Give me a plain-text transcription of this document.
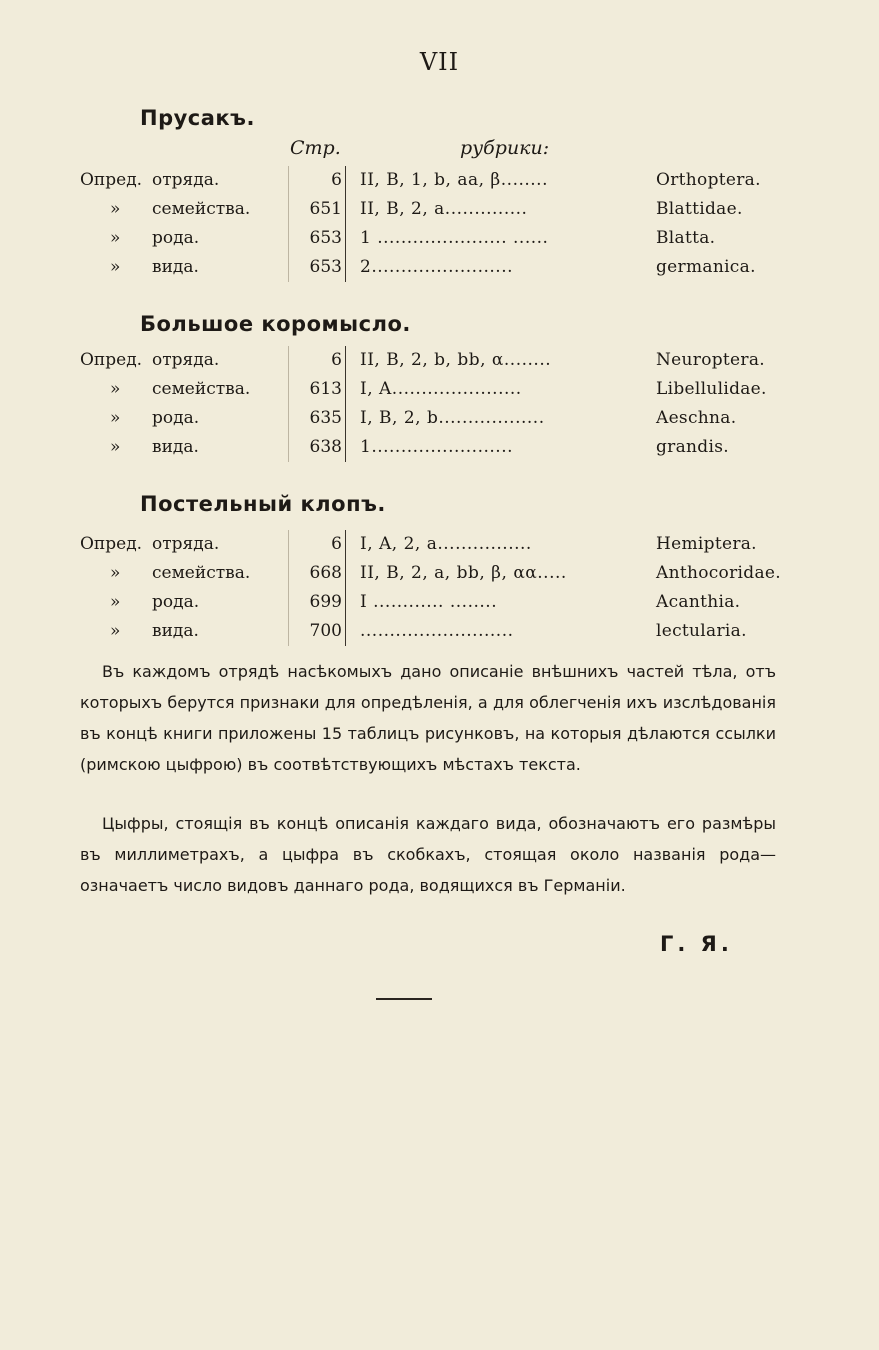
VII
Прусакъ.
Стр.	рубрики:
Опред. отряда.	6 II, B, 1, b, aa, β........	Orthoptera.
»	семейства.	651 II, B, 2, a..............	Blattidae.
»	рода.	653 1 ...................... ......	Blatta.
»	вида.	653 2........................	germanica.
Большое коромысло.
Опред. отряда.	6 II, B, 2, b, bb, α........	Neuroptera.
»	семейства.	613 I, A......................	Libellulidae.
»	рода.	635 I, B, 2, b..................	Aeschna.
»	вида.	638 1........................	grandis.
Постельный клопъ.
Опред. отряда.	6 I, A, 2, a................	Hemiptera.
»	семейства.	668 II, B, 2, a, bb, β, αα.....	Anthocoridae.
»	рода.	699 I ............ ........	Acanthia.
»	вида.	700 ..........................	lectularia.

Въ каждомъ отрядѣ насѣкомыхъ дано описаніе внѣшнихъ частей тѣла, отъ которыхъ берутся признаки для опредѣленія, а для облегченія ихъ изслѣдованія въ концѣ книги приложены 15 таблицъ рисунковъ, на которыя дѣлаются ссылки (римскою цыфрою) въ соотвѣтствующихъ мѣстахъ текста.

Цыфры, стоящія въ концѣ описанія каждаго вида, обозначаютъ его размѣры въ миллиметрахъ, а цыфра въ скобкахъ, стоящая около названія рода—означаетъ число видовъ даннаго рода, водящихся въ Германіи.

Г. Я.
